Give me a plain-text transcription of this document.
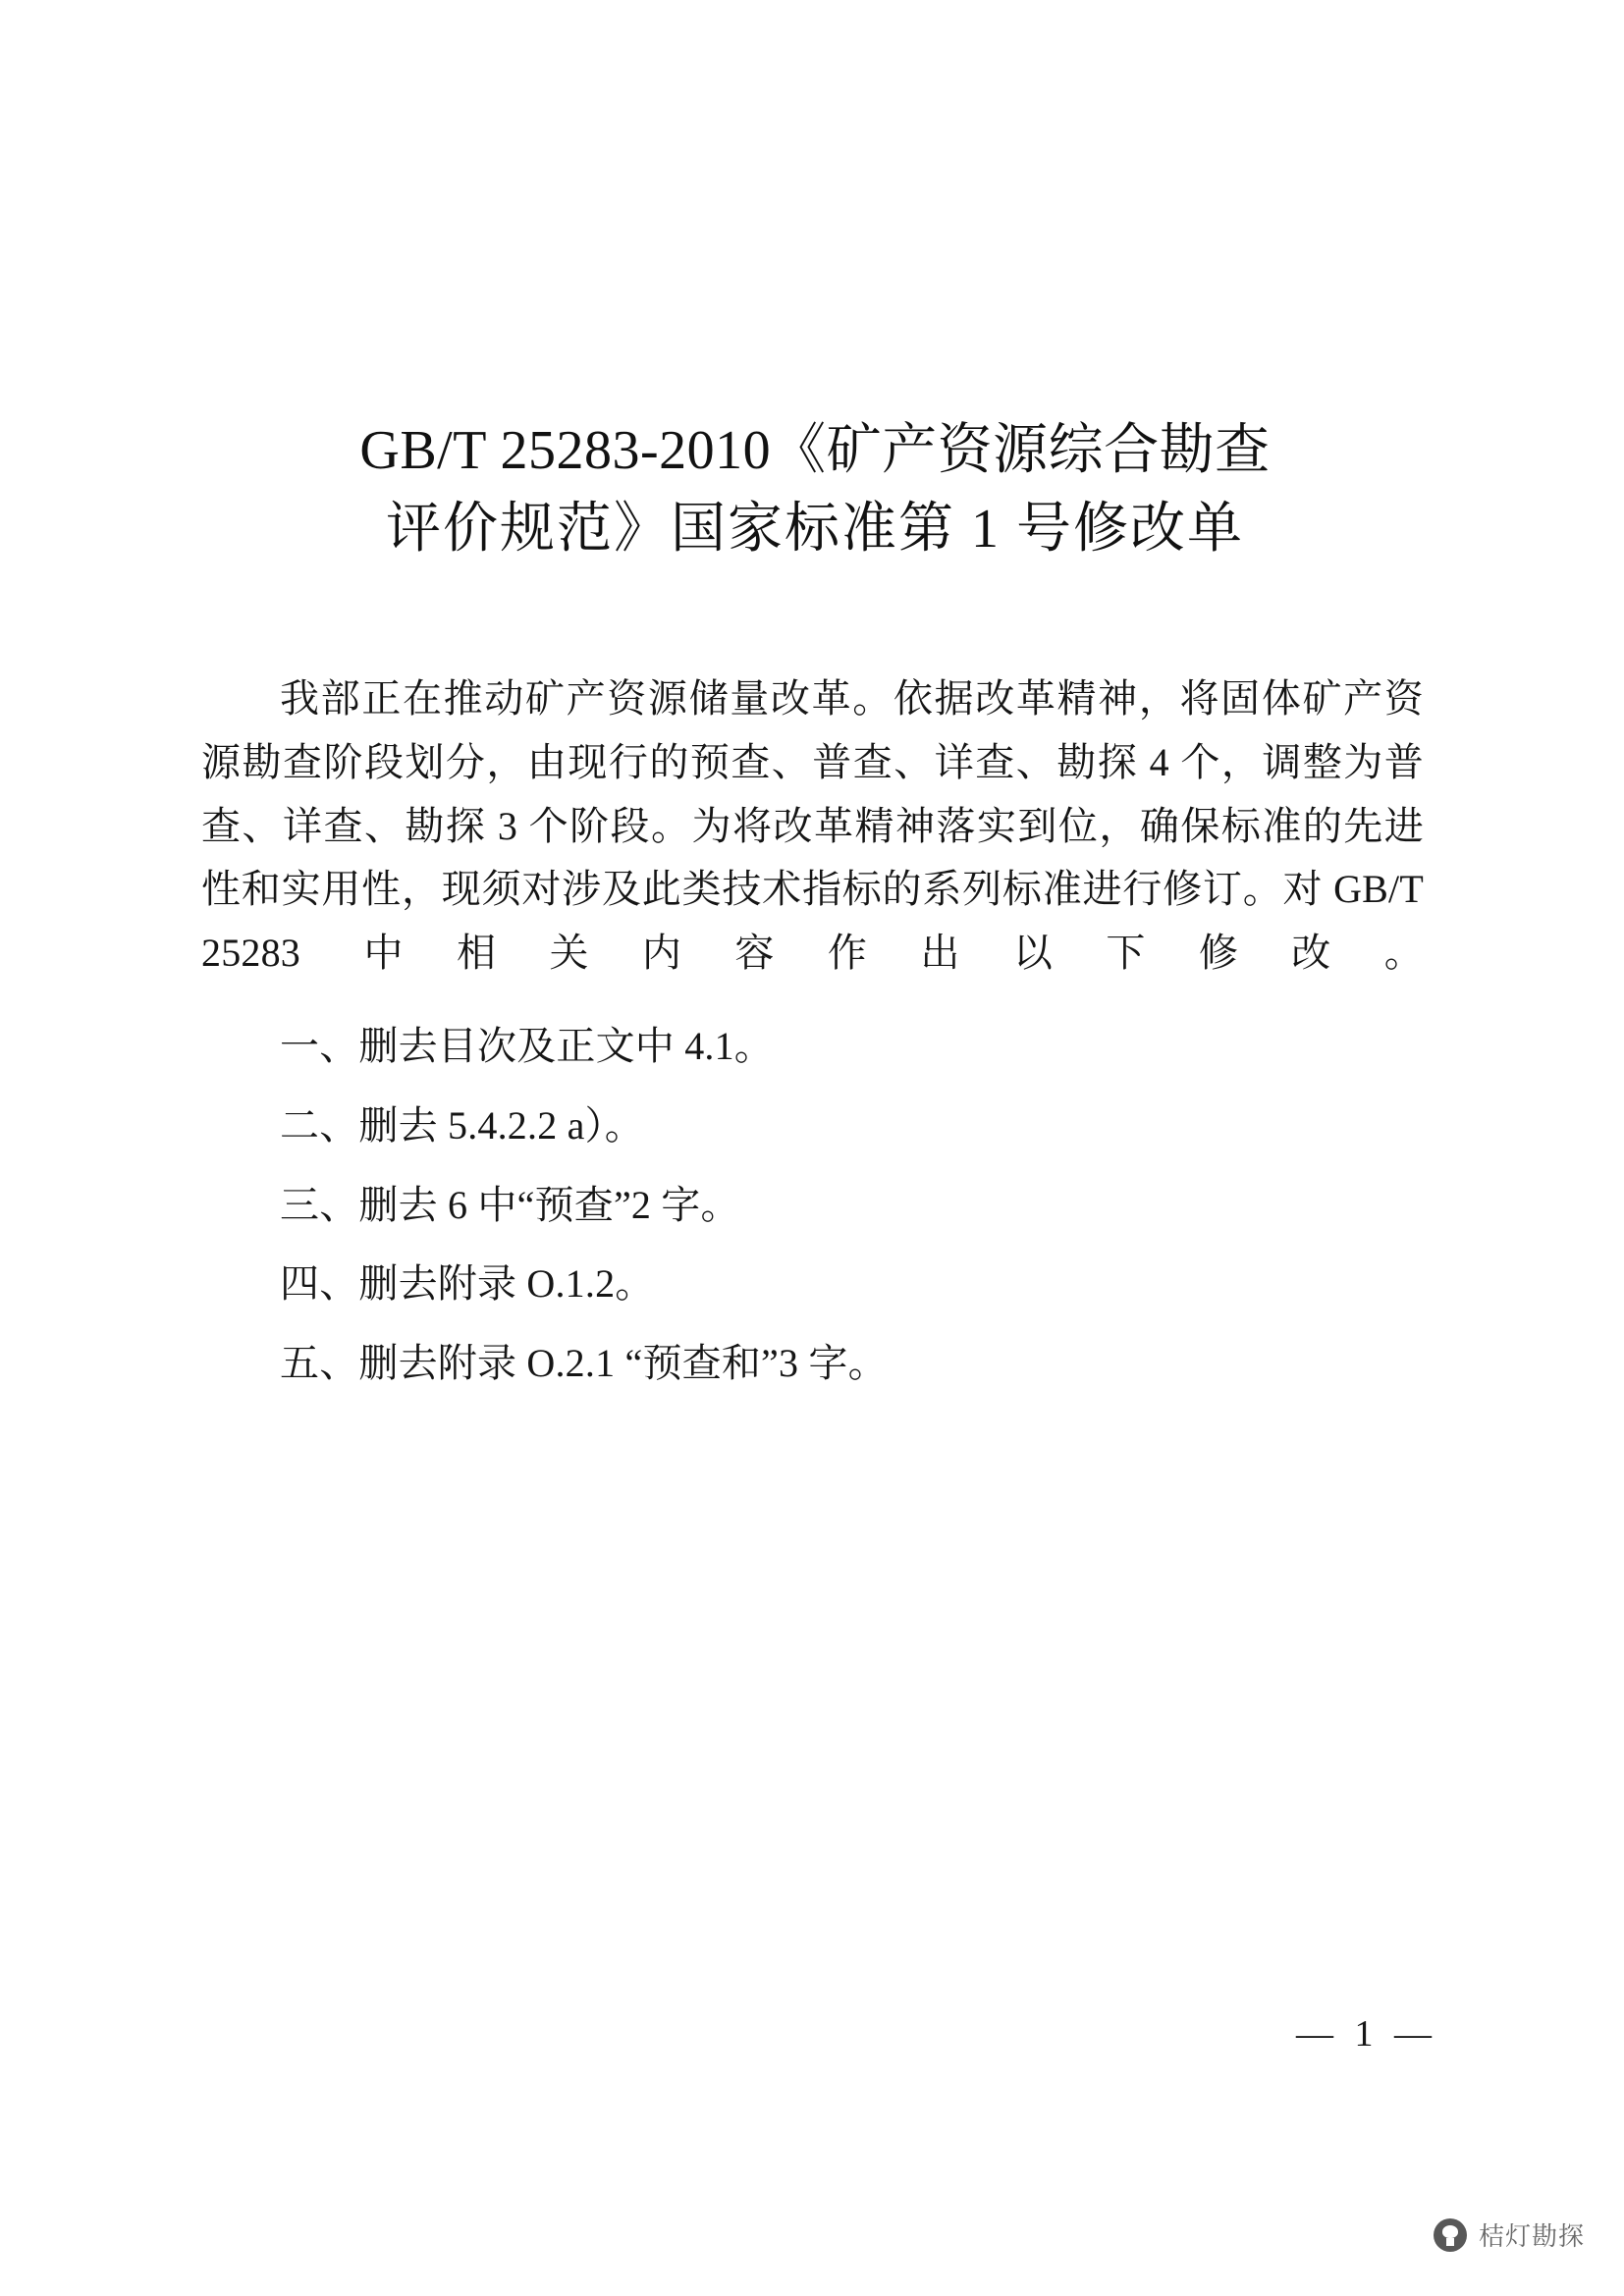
GB/T 25283-2010《矿产资源综合勘查
评价规范》国家标准第 1 号修改单

我部正在推动矿产资源储量改革。依据改革精神，将固体矿产资源勘查阶段划分，由现行的预查、普查、详查、勘探 4 个，调整为普查、详查、勘探 3 个阶段。为将改革精神落实到位，确保标准的先进性和实用性，现须对涉及此类技术指标的系列标准进行修订。对 GB/T 25283 中相关内容作出以下修改。

一、删去目次及正文中 4.1。

二、删去 5.4.2.2 a）。

三、删去 6 中“预查”2 字。

四、删去附录 O.1.2。

五、删去附录 O.2.1 “预查和”3 字。

— 1 —
桔灯勘探
